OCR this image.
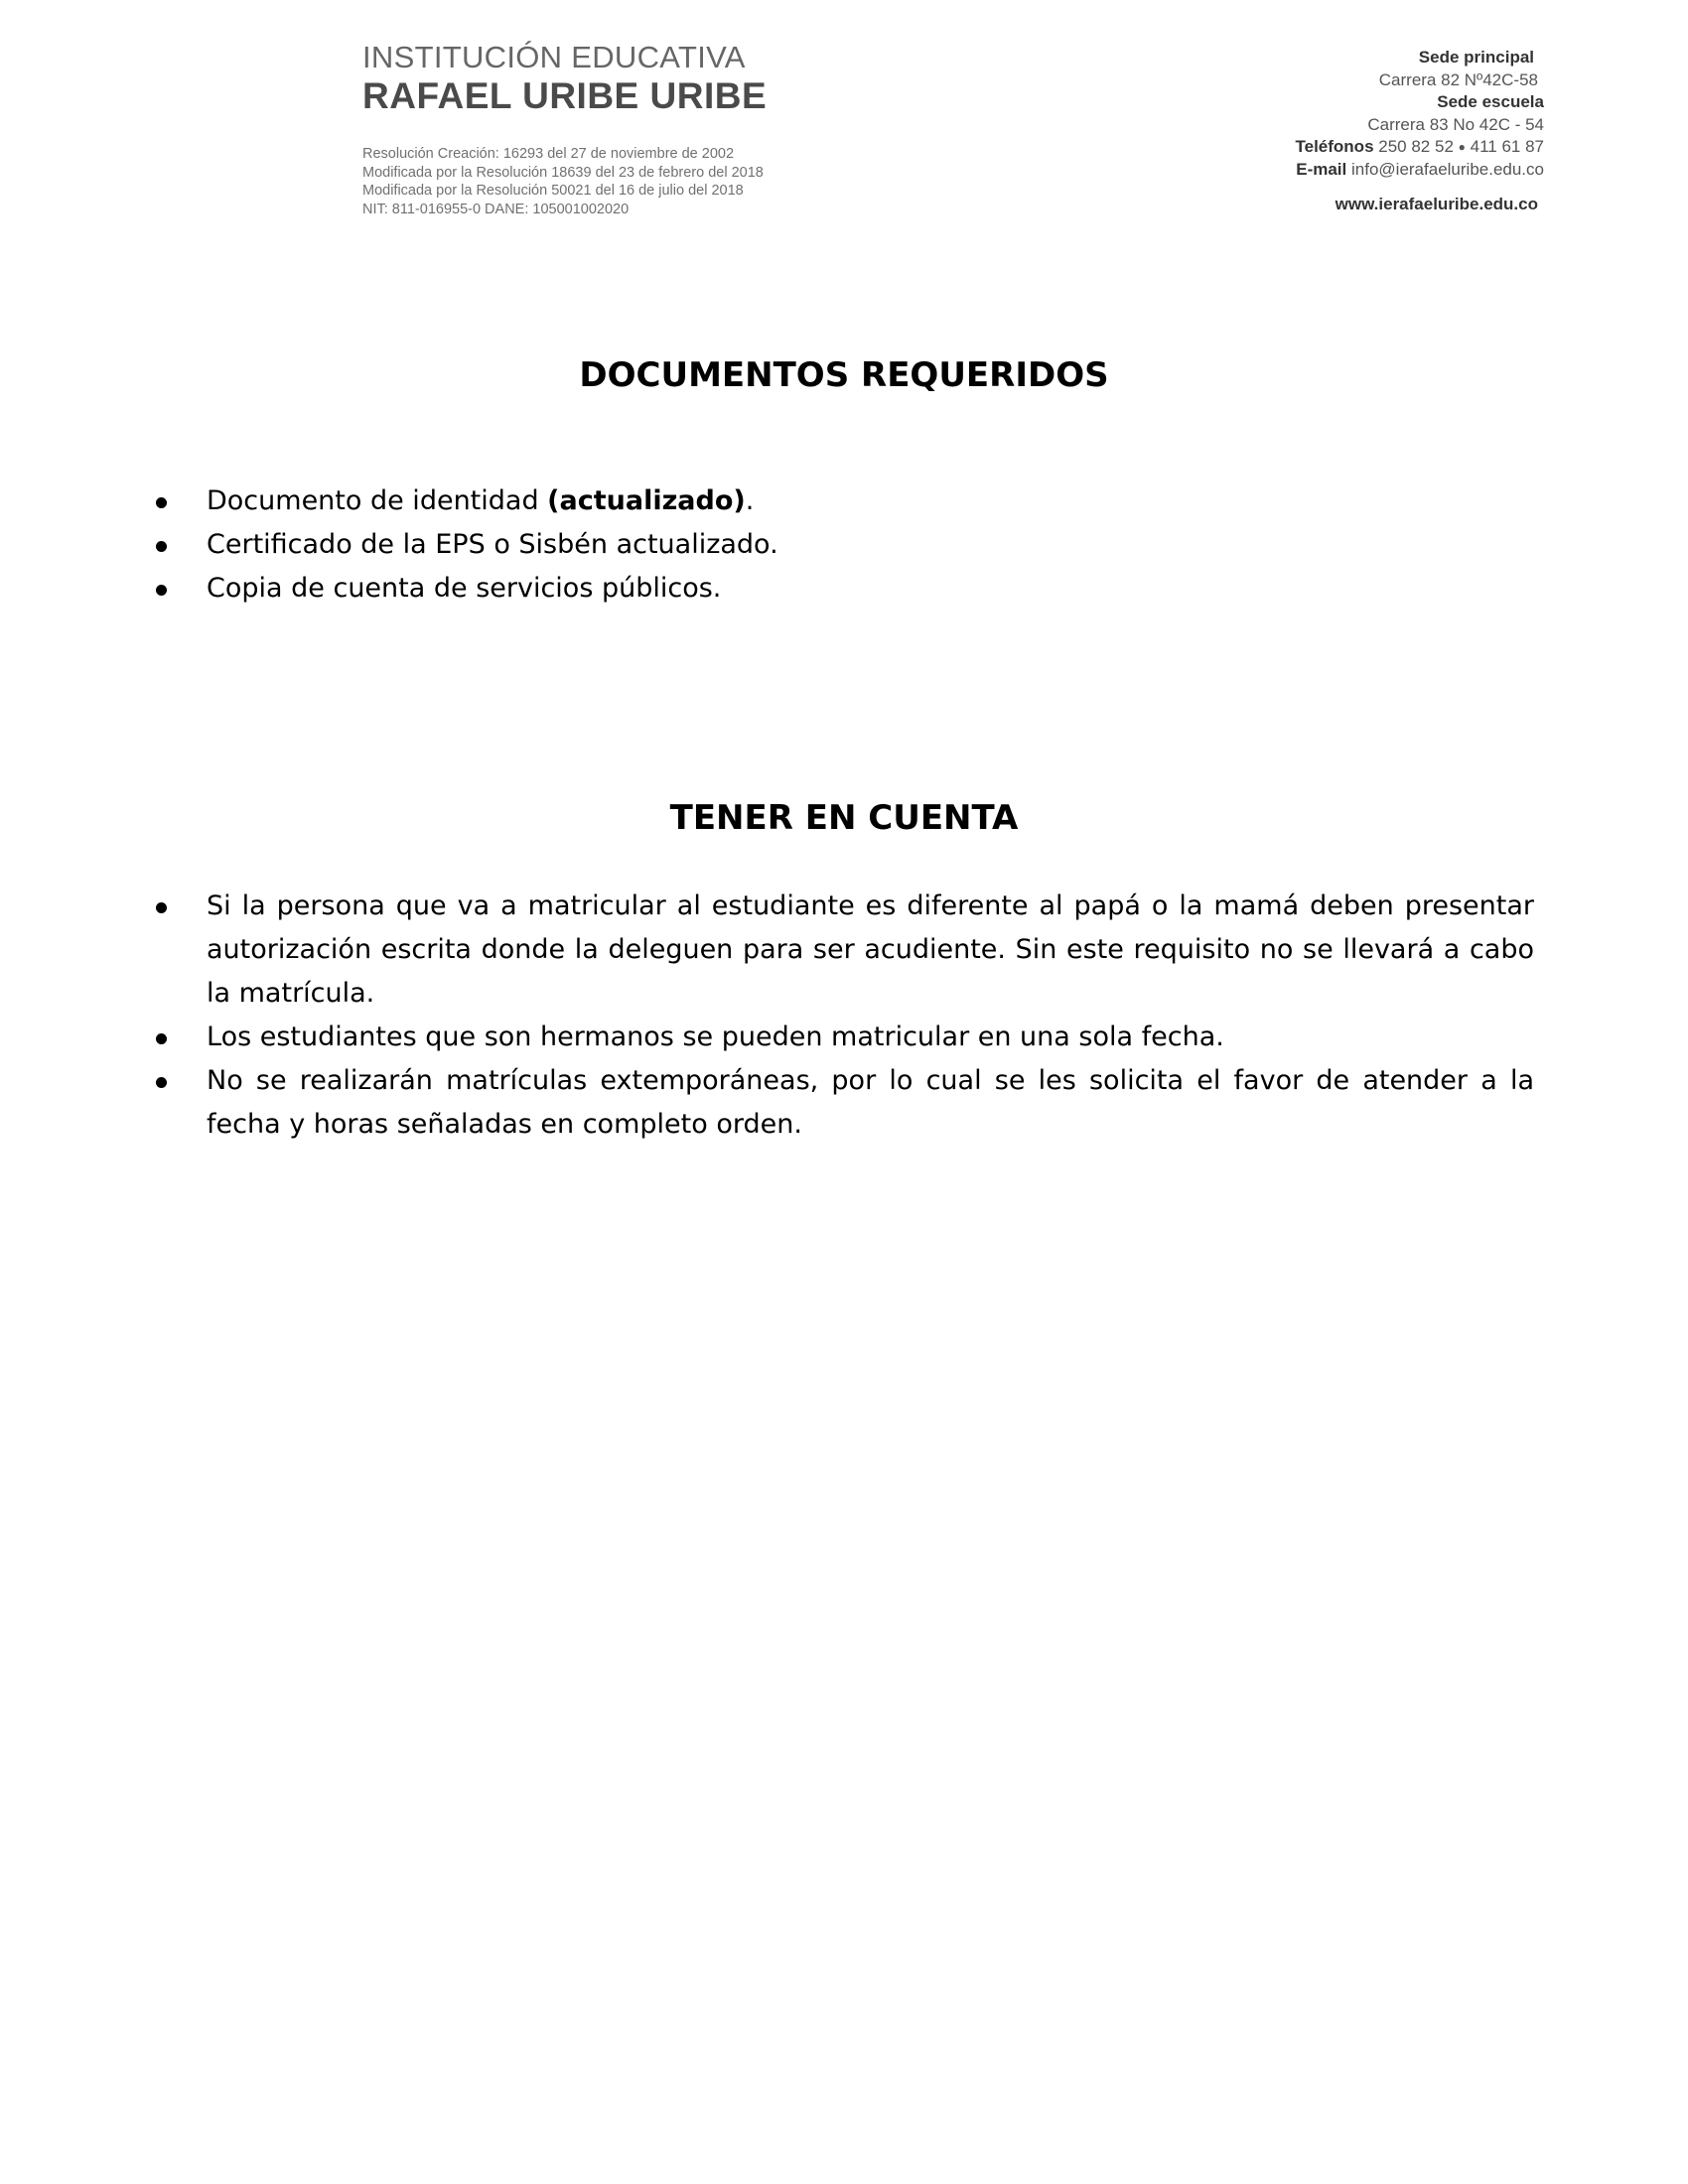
INSTITUCIÓN EDUCATIVA
RAFAEL URIBE URIBE
Resolución Creación: 16293 del 27 de noviembre de 2002
Modificada por la Resolución 18639 del 23 de febrero del 2018
Modificada por la Resolución 50021 del 16 de julio del 2018
NIT: 811-016955-0 DANE: 105001002020
Sede principal
Carrera 82 Nº42C-58
Sede escuela
Carrera 83 No 42C - 54
Teléfonos 250 82 52 ● 411 61 87
E-mail info@ierafaeluribe.edu.co
www.ierafaeluribe.edu.co
DOCUMENTOS REQUERIDOS
Documento de identidad (actualizado).
Certificado de la EPS o Sisbén actualizado.
Copia de cuenta de servicios públicos.
TENER EN CUENTA
Si la persona que va a matricular al estudiante es diferente al papá o la mamá deben presentar autorización escrita donde la deleguen para ser acudiente. Sin este requisito no se llevará a cabo la matrícula.
Los estudiantes que son hermanos se pueden matricular en una sola fecha.
No se realizarán matrículas extemporáneas, por lo cual se les solicita el favor de atender a la fecha y horas señaladas en completo orden.
